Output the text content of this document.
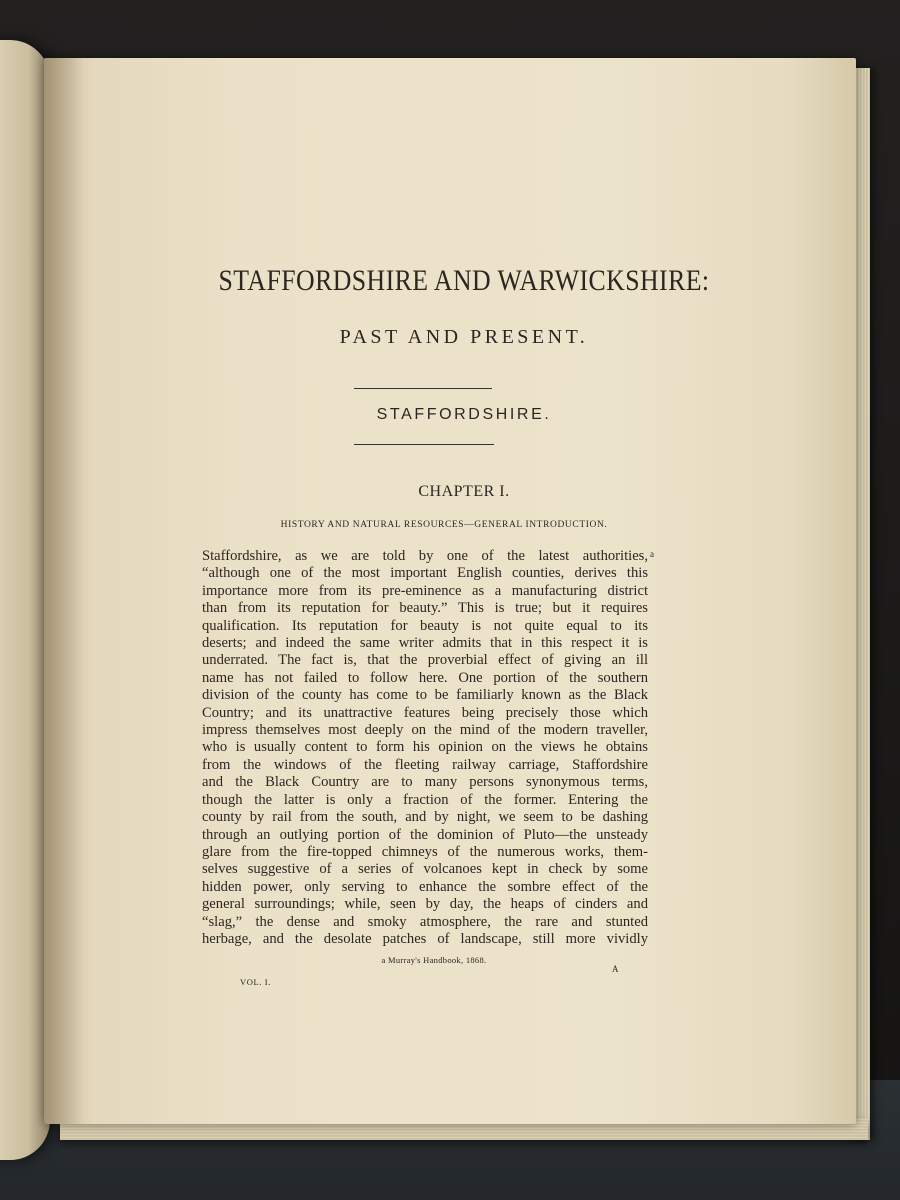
STAFFORDSHIRE AND WARWICKSHIRE:
PAST AND PRESENT.
STAFFORDSHIRE.
CHAPTER I.

HISTORY AND NATURAL RESOURCES—GENERAL INTRODUCTION.

a
Staffordshire, as we are told by one of the latest authorities,
“although one of the most important English counties, derives this
importance more from its pre-eminence as a manufacturing district
than from its reputation for beauty.” This is true; but it requires
qualification. Its reputation for beauty is not quite equal to its
deserts; and indeed the same writer admits that in this respect it is
underrated. The fact is, that the proverbial effect of giving an ill
name has not failed to follow here. One portion of the southern
division of the county has come to be familiarly known as the Black
Country; and its unattractive features being precisely those which
impress themselves most deeply on the mind of the modern traveller,
who is usually content to form his opinion on the views he obtains
from the windows of the fleeting railway carriage, Staffordshire
and the Black Country are to many persons synonymous terms,
though the latter is only a fraction of the former. Entering the
county by rail from the south, and by night, we seem to be dashing
through an outlying portion of the dominion of Pluto—the unsteady
glare from the fire-topped chimneys of the numerous works, them-
selves suggestive of a series of volcanoes kept in check by some
hidden power, only serving to enhance the sombre effect of the
general surroundings; while, seen by day, the heaps of cinders and
“slag,” the dense and smoky atmosphere, the rare and stunted
herbage, and the desolate patches of landscape, still more vividly

a Murray's Handbook, 1868.

VOL. I.

A
